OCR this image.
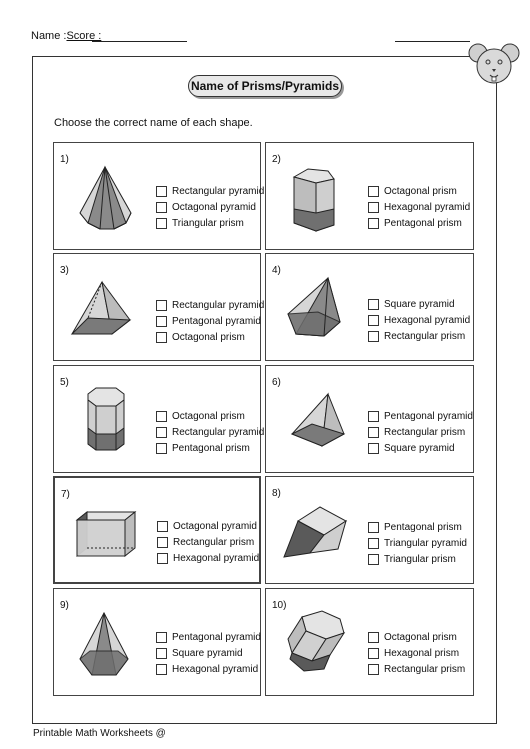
Name :Score :
Name of Prisms/Pyramids
Choose the correct name of each shape.
1)
Rectangular pyramid
Octagonal pyramid
Triangular prism
2)
Octagonal prism
Hexagonal pyramid
Pentagonal prism
3)
Rectangular pyramid
Pentagonal pyramid
Octagonal prism
4)
Square pyramid
Hexagonal pyramid
Rectangular prism
5)
Octagonal prism
Rectangular pyramid
Pentagonal prism
6)
Pentagonal pyramid
Rectangular prism
Square pyramid
7)
Octagonal pyramid
Rectangular prism
Hexagonal pyramid
8)
Pentagonal prism
Triangular pyramid
Triangular prism
9)
Pentagonal pyramid
Square pyramid
Hexagonal pyramid
10)
Octagonal prism
Hexagonal prism
Rectangular prism
Printable Math Worksheets @
